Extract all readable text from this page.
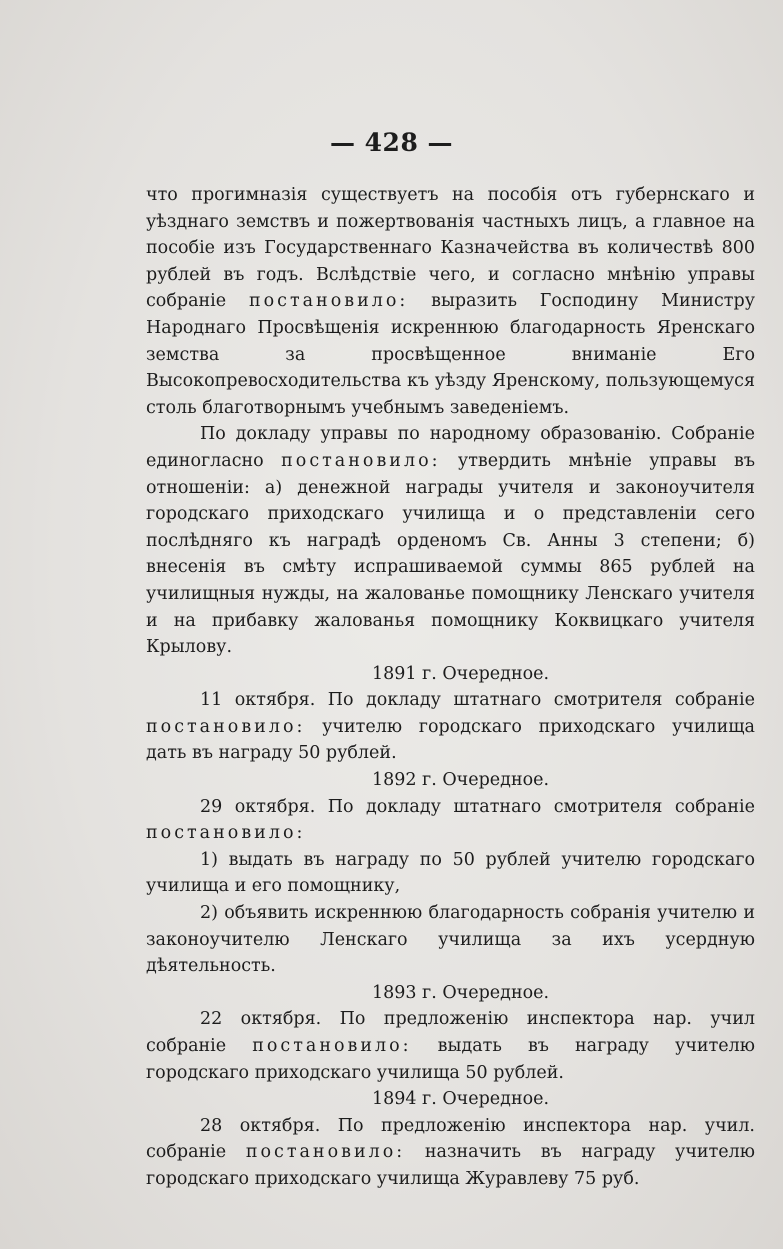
— 428 —

что прогимназія существуетъ на пособія отъ губернскаго и уѣзднаго земствъ и пожертвованія частныхъ лицъ, а главное на пособіе изъ Государственнаго Казначейства въ количествѣ 800 рублей въ годъ. Вслѣдствіе чего, и согласно мнѣнію управы собраніе постановило: выразить Господину Министру Народнаго Просвѣщенія искреннюю благодарность Яренскаго земства за просвѣщенное вниманіе Его Высокопревосходительства къ уѣзду Яренскому, пользующемуся столь благотворнымъ учебнымъ заведеніемъ.

По докладу управы по народному образованію. Собраніе единогласно постановило: утвердить мнѣніе управы въ отношеніи: а) денежной награды учителя и законоучителя городскаго приходскаго училища и о представленіи сего послѣдняго къ наградѣ орденомъ Св. Анны 3 степени; б) внесенія въ смѣту испрашиваемой суммы 865 рублей на училищныя нужды, на жалованье помощнику Ленскаго учителя и на прибавку жалованья помощнику Коквицкаго учителя Крылову.

1891 г. Очередное.

11 октября. По докладу штатнаго смотрителя собраніе постановило: учителю городскаго приходскаго училища дать въ награду 50 рублей.

1892 г. Очередное.

29 октября. По докладу штатнаго смотрителя собраніе постановило:

1) выдать въ награду по 50 рублей учителю городскаго училища и его помощнику,

2) объявить искреннюю благодарность собранія учителю и законоучителю Ленскаго училища за ихъ усердную дѣятельность.

1893 г. Очередное.

22 октября. По предложенію инспектора нар. учил собраніе постановило: выдать въ награду учителю городскаго приходскаго училища 50 рублей.

1894 г. Очередное.

28 октября. По предложенію инспектора нар. учил. собраніе постановило: назначить въ награду учителю городскаго приходскаго училища Журавлеву 75 руб.
